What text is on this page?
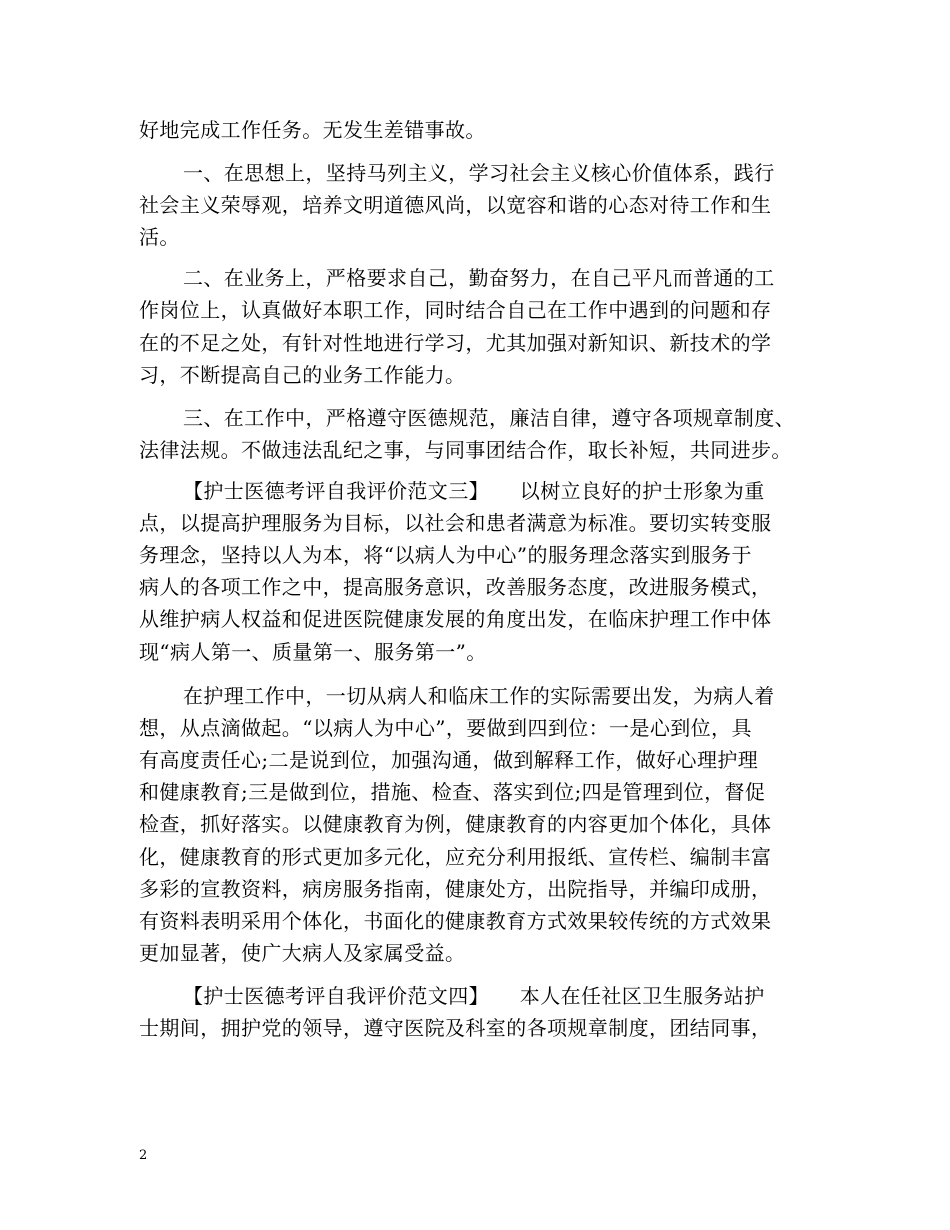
好地完成工作任务。无发生差错事故。
一、在思想上，坚持马列主义，学习社会主义核心价值体系，践行
社会主义荣辱观，培养文明道德风尚，以宽容和谐的心态对待工作和生
活。
二、在业务上，严格要求自己，勤奋努力，在自己平凡而普通的工
作岗位上，认真做好本职工作，同时结合自己在工作中遇到的问题和存
在的不足之处，有针对性地进行学习，尤其加强对新知识、新技术的学
习，不断提高自己的业务工作能力。
三、在工作中，严格遵守医德规范，廉洁自律，遵守各项规章制度、
法律法规。不做违法乱纪之事，与同事团结合作，取长补短，共同进步。
【护士医德考评自我评价范文三】　　以树立良好的护士形象为重
点，以提高护理服务为目标，以社会和患者满意为标准。要切实转变服
务理念，坚持以人为本，将“以病人为中心”的服务理念落实到服务于
病人的各项工作之中，提高服务意识，改善服务态度，改进服务模式，
从维护病人权益和促进医院健康发展的角度出发，在临床护理工作中体
现“病人第一、质量第一、服务第一”。
在护理工作中，一切从病人和临床工作的实际需要出发，为病人着
想，从点滴做起。“以病人为中心”，要做到四到位：一是心到位，具
有高度责任心;二是说到位，加强沟通，做到解释工作，做好心理护理
和健康教育;三是做到位，措施、检查、落实到位;四是管理到位，督促
检查，抓好落实。以健康教育为例，健康教育的内容更加个体化，具体
化，健康教育的形式更加多元化，应充分利用报纸、宣传栏、编制丰富
多彩的宣教资料，病房服务指南，健康处方，出院指导，并编印成册，
有资料表明采用个体化，书面化的健康教育方式效果较传统的方式效果
更加显著，使广大病人及家属受益。
【护士医德考评自我评价范文四】　　本人在任社区卫生服务站护
士期间，拥护党的领导，遵守医院及科室的各项规章制度，团结同事，
2
